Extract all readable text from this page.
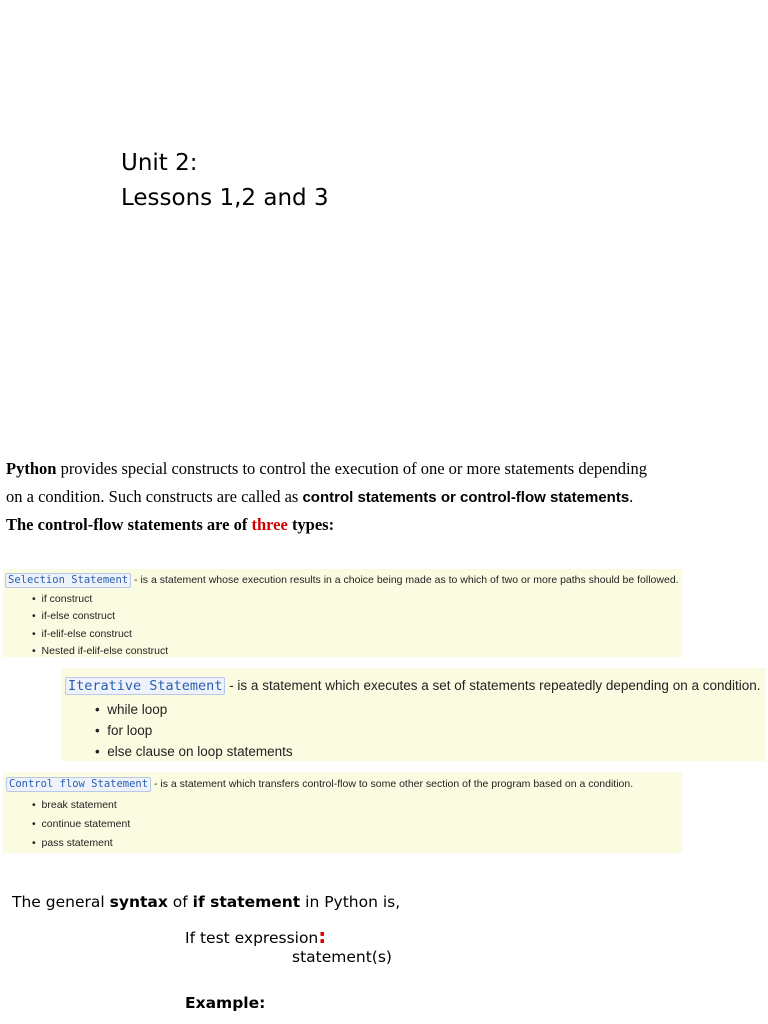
Unit 2:
Lessons 1,2 and 3
Python provides special constructs to control the execution of one or more statements depending
on a condition. Such constructs are called as control statements or control-flow statements.
The control-flow statements are of three types:
Selection Statement - is a statement whose execution results in a choice being made as to which of two or more paths should be followed.
•  if construct
•  if-else construct
•  if-elif-else construct
•  Nested if-elif-else construct
Iterative Statement - is a statement which executes a set of statements repeatedly depending on a condition.
•  while loop
•  for loop
•  else clause on loop statements
Control flow Statement - is a statement which transfers control-flow to some other section of the program based on a condition.
•  break statement
•  continue statement
•  pass statement
The general syntax of if statement in Python is,
If test expression:
statement(s)
Example:
